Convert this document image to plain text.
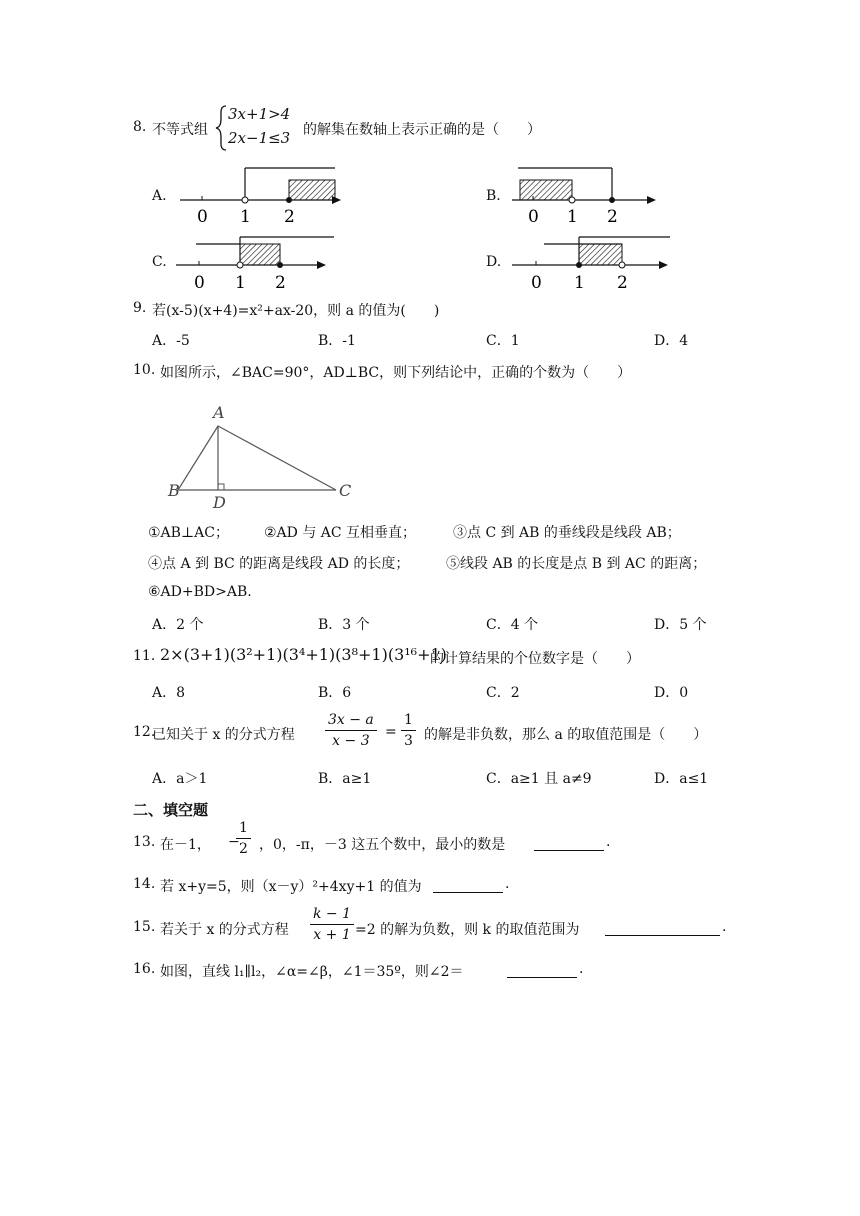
8. 不等式组
3x+1>4
2x−1≤3 的解集在数轴上表示正确的是（　　）
A.
0 1 2
B.
0 1 2
C.
0 1 2
D.
0 1 2
9. 若(x-5)(x+4)=x²+ax-20，则 a 的值为(　　)
A．-5	B．-1	C．1	D．4
10. 如图所示，∠BAC=90°，AD⊥BC，则下列结论中，正确的个数为（　　）
A
B	C
D
①AB⊥AC；	②AD 与 AC 互相垂直；	③点 C 到 AB 的垂线段是线段 AB；
④点 A 到 BC 的距离是线段 AD 的长度；	⑤线段 AB 的长度是点 B 到 AC 的距离；
⑥AD+BD>AB.
A．2 个	B．3 个	C．4 个	D．5 个
11. 2×(3+1)(3²+1)(3⁴+1)(3⁸+1)(3¹⁶+1)
的计算结果的个位数字是（　　）
A．8	B．6	C．2	D．0
12.
已知关于 x 的分式方程 $\frac{3x - a}{x - 3} = \frac{1}{3}$ 的解是非负数，那么 a 的取值范围是（　　）
A．a＞1	B．a≥1	C．a≥1 且 a≠9	D．a≤1
二、填空题
13. 在－1， −
$\frac{1}{2}$ ，0，-π，－3 这五个数中，最小的数是	.
14. 若 x+y=5，则（x－y）²+4xy+1 的值为	.
15. 若关于 x 的分式方程 $\frac{k - 1}{x + 1} =2$ 的解为负数，则 k 的取值范围为	.
16. 如图，直线 l₁∥l₂，∠α=∠β，∠1＝35º，则∠2＝	.
